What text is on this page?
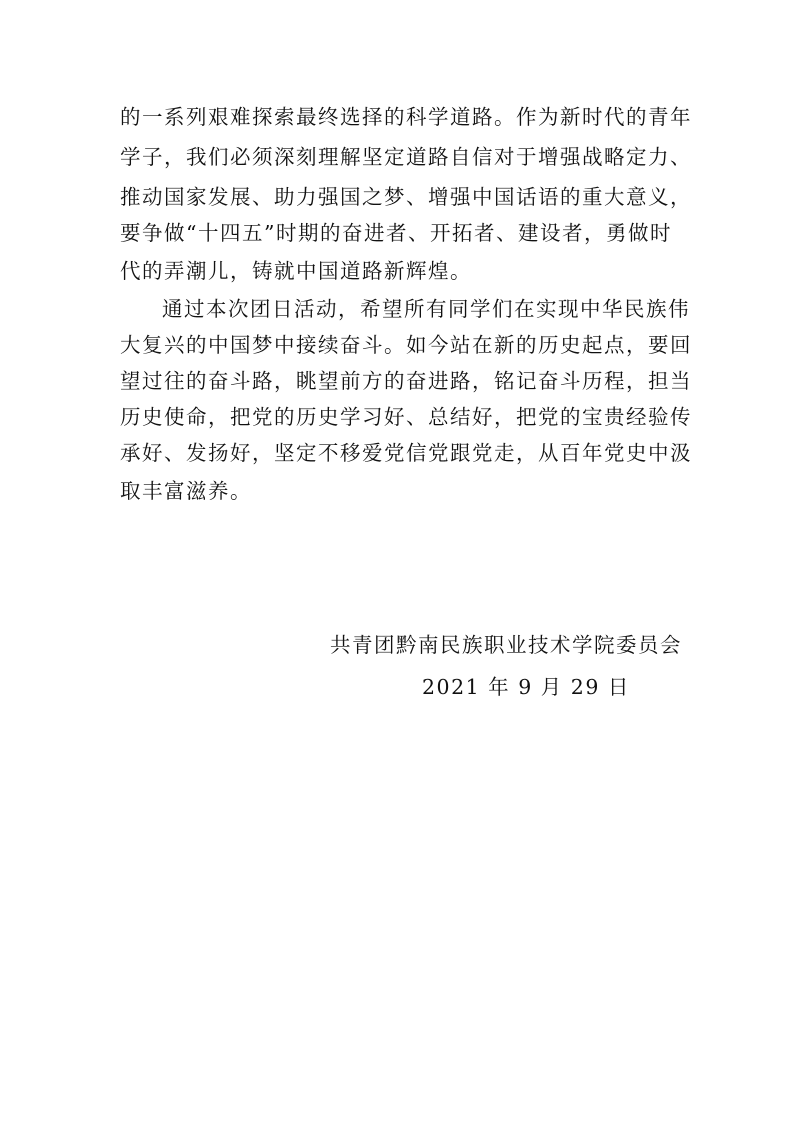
的一系列艰难探索最终选择的科学道路。作为新时代的青年
学子，我们必须深刻理解坚定道路自信对于增强战略定力、
推动国家发展、助力强国之梦、增强中国话语的重大意义，
要争做“十四五”时期的奋进者、开拓者、建设者，勇做时
代的弄潮儿，铸就中国道路新辉煌。
通过本次团日活动，希望所有同学们在实现中华民族伟
大复兴的中国梦中接续奋斗。如今站在新的历史起点，要回
望过往的奋斗路，眺望前方的奋进路，铭记奋斗历程，担当
历史使命，把党的历史学习好、总结好，把党的宝贵经验传
承好、发扬好，坚定不移爱党信党跟党走，从百年党史中汲
取丰富滋养。
共青团黔南民族职业技术学院委员会
2021 年 9 月 29 日
